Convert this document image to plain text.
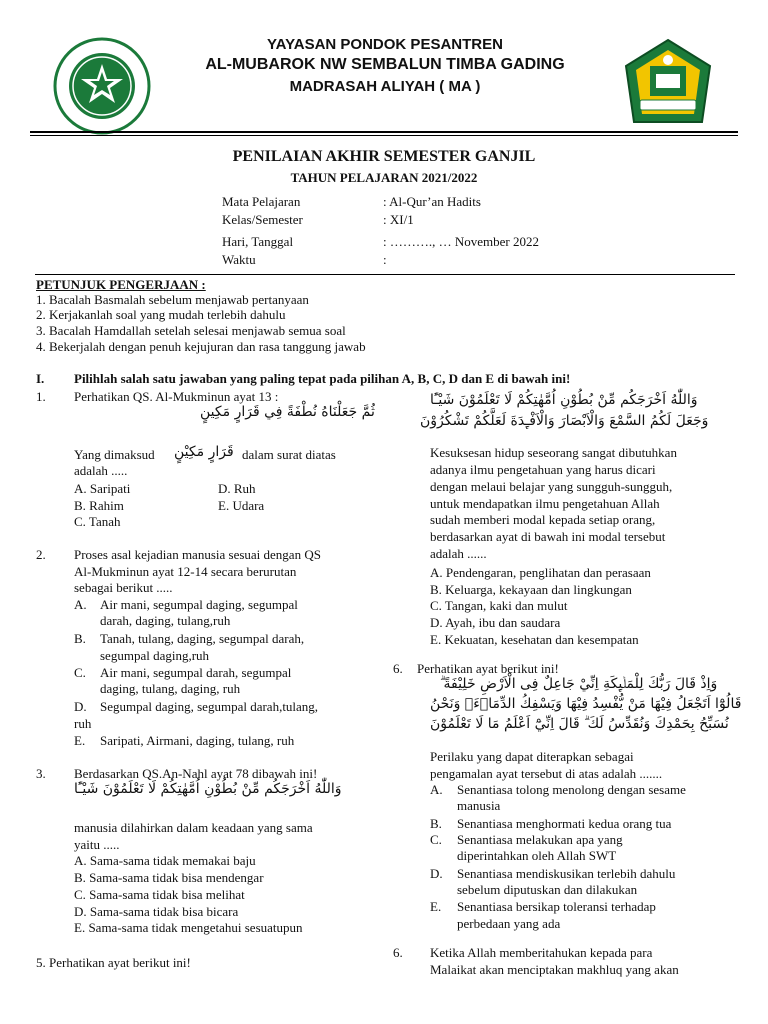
YAYASAN PONDOK PESANTREN
AL-MUBAROK NW SEMBALUN TIMBA GADING
MADRASAH ALIYAH ( MA )
PENILAIAN AKHIR SEMESTER GANJIL
TAHUN PELAJARAN 2021/2022
Mata Pelajaran	: Al-Qur’an Hadits
Kelas/Semester	: XI/1
Hari, Tanggal	: ………., … November 2022
Waktu	:
PETUNJUK PENGERJAAN :
1. Bacalah Basmalah sebelum menjawab pertanyaan
2. Kerjakanlah soal yang mudah terlebih dahulu
3. Bacalah Hamdallah setelah selesai menjawab semua soal
4. Bekerjalah dengan penuh kejujuran dan rasa tanggung jawab
I. Pilihlah salah satu jawaban yang paling tepat pada pilihan A, B, C, D dan E di bawah ini!
1. Perhatikan QS. Al-Mukminun ayat 13 :
ثُمَّ جَعَلْنَاهُ نُطْفَةً فِي قَرَارٍ مَكِينٍ
Yang dimaksud قَرَارٍ مَكِيْنٍ dalam surat diatas
adalah .....
A. Saripati	D. Ruh
B. Rahim	E. Udara
C. Tanah
2. Proses asal kejadian manusia sesuai dengan QS
Al-Mukminun ayat 12-14 secara berurutan
sebagai berikut .....
A. Air mani, segumpal daging, segumpal
darah, daging, tulang,ruh
B. Tanah, tulang, daging, segumpal darah,
segumpal daging,ruh
C. Air mani, segumpal darah, segumpal
daging, tulang, daging, ruh
D. Segumpal daging, segumpal darah,tulang,
ruh
E. Saripati, Airmani, daging, tulang, ruh
3. Berdasarkan QS.An-Nahl ayat 78 dibawah ini!
وَاللّٰهُ اَخْرَجَكُم مِّنْ بُطُوْنِ اُمَّهٰتِكُمْ لَا تَعْلَمُوْنَ شَيْـًٔا
manusia dilahirkan dalam keadaan yang sama
yaitu .....
A. Sama-sama tidak memakai baju
B. Sama-sama tidak bisa mendengar
C. Sama-sama tidak bisa melihat
D. Sama-sama tidak bisa bicara
E. Sama-sama tidak mengetahui sesuatupun
5. Perhatikan ayat berikut ini!
وَاللّٰهُ اَخْرَجَكُم مِّنْ بُطُوْنِ اُمَّهٰتِكُمْ لَا تَعْلَمُوْنَ شَيْـًٔا
وَجَعَلَ لَكُمُ السَّمْعَ وَالْاَبْصَارَ وَالْاَفْـِٕدَةَ لَعَلَّكُمْ تَشْكُرُوْنَ
Kesuksesan hidup seseorang sangat dibutuhkan
adanya ilmu pengetahuan yang harus dicari
dengan melaui belajar yang sungguh-sungguh,
untuk mendapatkan ilmu pengetahuan Allah
sudah memberi modal kepada setiap orang,
berdasarkan ayat di bawah ini modal tersebut
adalah ......
A. Pendengaran, penglihatan dan perasaan
B. Keluarga, kekayaan dan lingkungan
C. Tangan, kaki dan mulut
D. Ayah, ibu dan saudara
E. Kekuatan, kesehatan dan kesempatan
6. Perhatikan ayat berikut ini!
وَاِذْ قَالَ رَبُّكَ لِلْمَلٰۤىِٕكَةِ اِنِّيْ جَاعِلٌ فِى الْاَرْضِ خَلِيْفَةً ۗ
قَالُوْٓا اَتَجْعَلُ فِيْهَا مَنْ يُّفْسِدُ فِيْهَا وَيَسْفِكُ الدِّمَاۤءَۚ وَنَحْنُ
نُسَبِّحُ بِحَمْدِكَ وَنُقَدِّسُ لَكَ ۗ قَالَ اِنِّيْٓ اَعْلَمُ مَا لَا تَعْلَمُوْنَ
Perilaku yang dapat diterapkan sebagai
pengamalan ayat tersebut di atas adalah .......
A. Senantiasa tolong menolong dengan sesame
manusia
B. Senantiasa menghormati kedua orang tua
C. Senantiasa melakukan apa yang
diperintahkan oleh Allah SWT
D. Senantiasa mendiskusikan terlebih dahulu
sebelum diputuskan dan dilakukan
E. Senantiasa bersikap toleransi terhadap
perbedaan yang ada
6. Ketika Allah memberitahukan kepada para
Malaikat akan menciptakan makhluq yang akan
